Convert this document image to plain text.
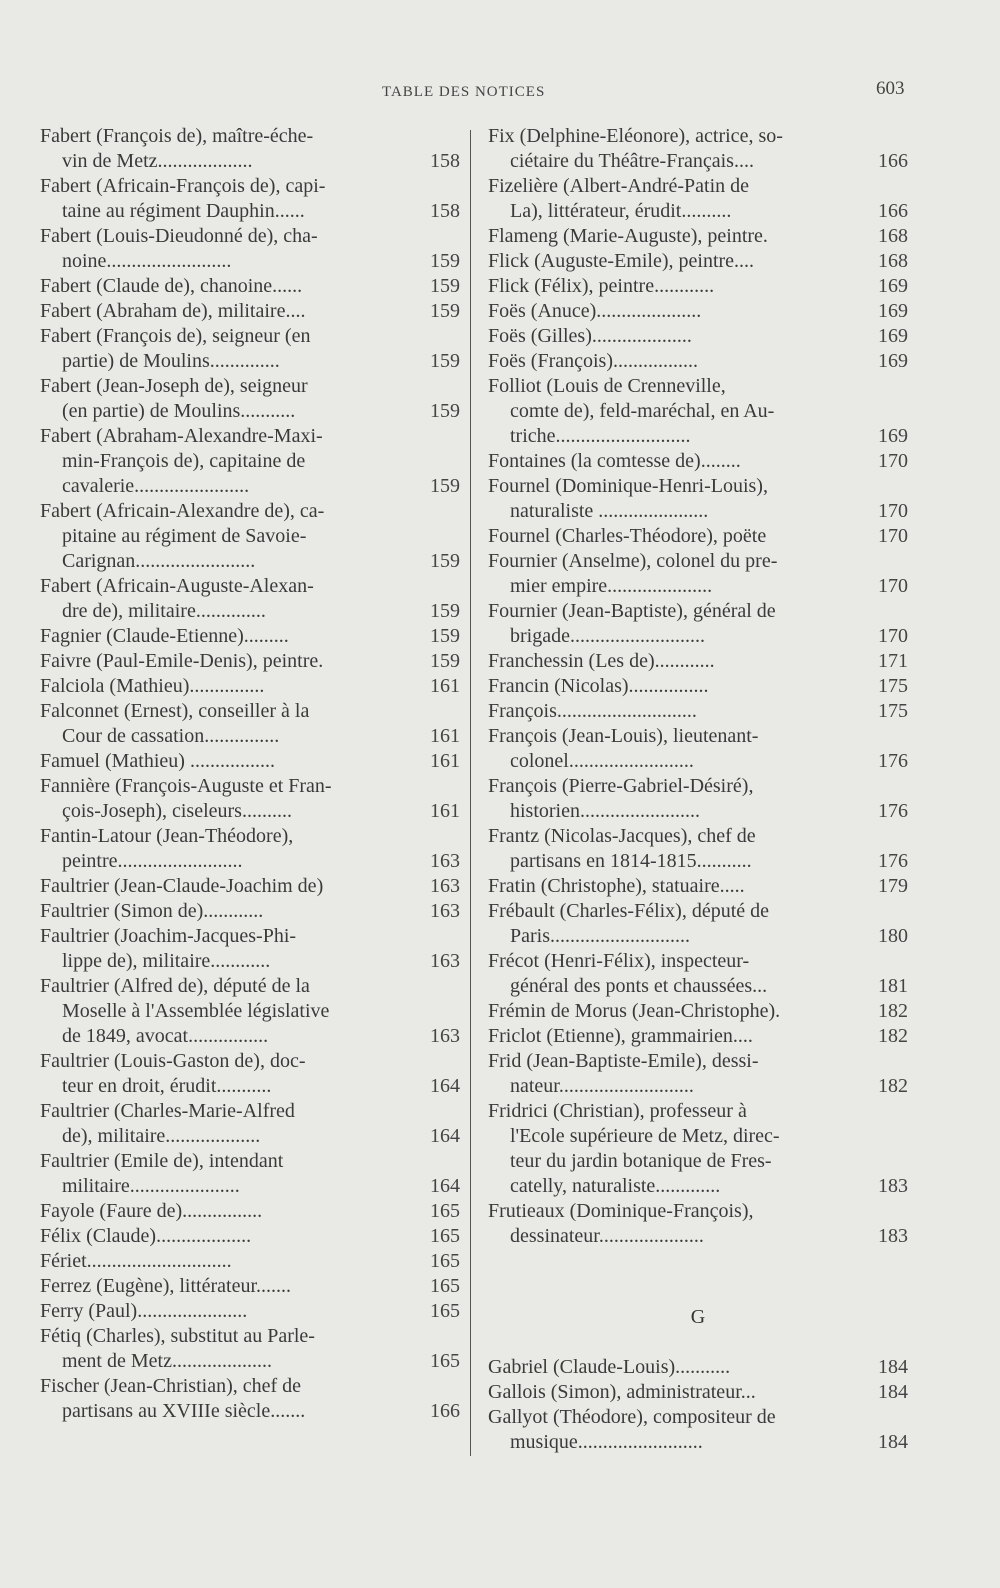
TABLE DES NOTICES	603
Fabert (François de), maître-éche-
vin de Metz...................	158
Fabert (Africain-François de), capi-
taine au régiment Dauphin......	158
Fabert (Louis-Dieudonné de), cha-
noine.........................	159
Fabert (Claude de), chanoine......	159
Fabert (Abraham de), militaire....	159
Fabert (François de), seigneur (en
partie) de Moulins..............	159
Fabert (Jean-Joseph de), seigneur
(en partie) de Moulins...........	159
Fabert (Abraham-Alexandre-Maxi-
min-François de), capitaine de
cavalerie.......................	159
Fabert (Africain-Alexandre de), ca-
pitaine au régiment de Savoie-
Carignan........................	159
Fabert (Africain-Auguste-Alexan-
dre de), militaire..............	159
Fagnier (Claude-Etienne).........	159
Faivre (Paul-Emile-Denis), peintre.	159
Falciola (Mathieu)...............	161
Falconnet (Ernest), conseiller à la
Cour de cassation...............	161
Famuel (Mathieu) .................	161
Fannière (François-Auguste et Fran-
çois-Joseph), ciseleurs..........	161
Fantin-Latour (Jean-Théodore),
peintre.........................	163
Faultrier (Jean-Claude-Joachim de)	163
Faultrier (Simon de)............	163
Faultrier (Joachim-Jacques-Phi-
lippe de), militaire............	163
Faultrier (Alfred de), député de la
Moselle à l'Assemblée législative
de 1849, avocat................	163
Faultrier (Louis-Gaston de), doc-
teur en droit, érudit...........	164
Faultrier (Charles-Marie-Alfred
de), militaire...................	164
Faultrier (Emile de), intendant
militaire......................	164
Fayole (Faure de)................	165
Félix (Claude)...................	165
Fériet.............................	165
Ferrez (Eugène), littérateur.......	165
Ferry (Paul)......................	165
Fétiq (Charles), substitut au Parle-
ment de Metz....................	165
Fischer (Jean-Christian), chef de
partisans au XVIIIe siècle.......	166
Fix (Delphine-Eléonore), actrice, so-
ciétaire du Théâtre-Français....	166
Fizelière (Albert-André-Patin de
La), littérateur, érudit..........	166
Flameng (Marie-Auguste), peintre.	168
Flick (Auguste-Emile), peintre....	168
Flick (Félix), peintre............	169
Foës (Anuce).....................	169
Foës (Gilles)....................	169
Foës (François).................	169
Folliot (Louis de Crenneville,
comte de), feld-maréchal, en Au-
triche...........................	169
Fontaines (la comtesse de)........	170
Fournel (Dominique-Henri-Louis),
naturaliste ......................	170
Fournel (Charles-Théodore), poëte	170
Fournier (Anselme), colonel du pre-
mier empire.....................	170
Fournier (Jean-Baptiste), général de
brigade...........................	170
Franchessin (Les de)............	171
Francin (Nicolas)................	175
François............................	175
François (Jean-Louis), lieutenant-
colonel.........................	176
François (Pierre-Gabriel-Désiré),
historien........................	176
Frantz (Nicolas-Jacques), chef de
partisans en 1814-1815...........	176
Fratin (Christophe), statuaire.....	179
Frébault (Charles-Félix), député de
Paris............................	180
Frécot (Henri-Félix), inspecteur-
général des ponts et chaussées...	181
Frémin de Morus (Jean-Christophe).	182
Friclot (Etienne), grammairien....	182
Frid (Jean-Baptiste-Emile), dessi-
nateur...........................	182
Fridrici (Christian), professeur à
l'Ecole supérieure de Metz, direc-
teur du jardin botanique de Fres-
catelly, naturaliste.............	183
Frutieaux (Dominique-François),
dessinateur.....................	183
G
Gabriel (Claude-Louis)...........	184
Gallois (Simon), administrateur...	184
Gallyot (Théodore), compositeur de
musique.........................	184
